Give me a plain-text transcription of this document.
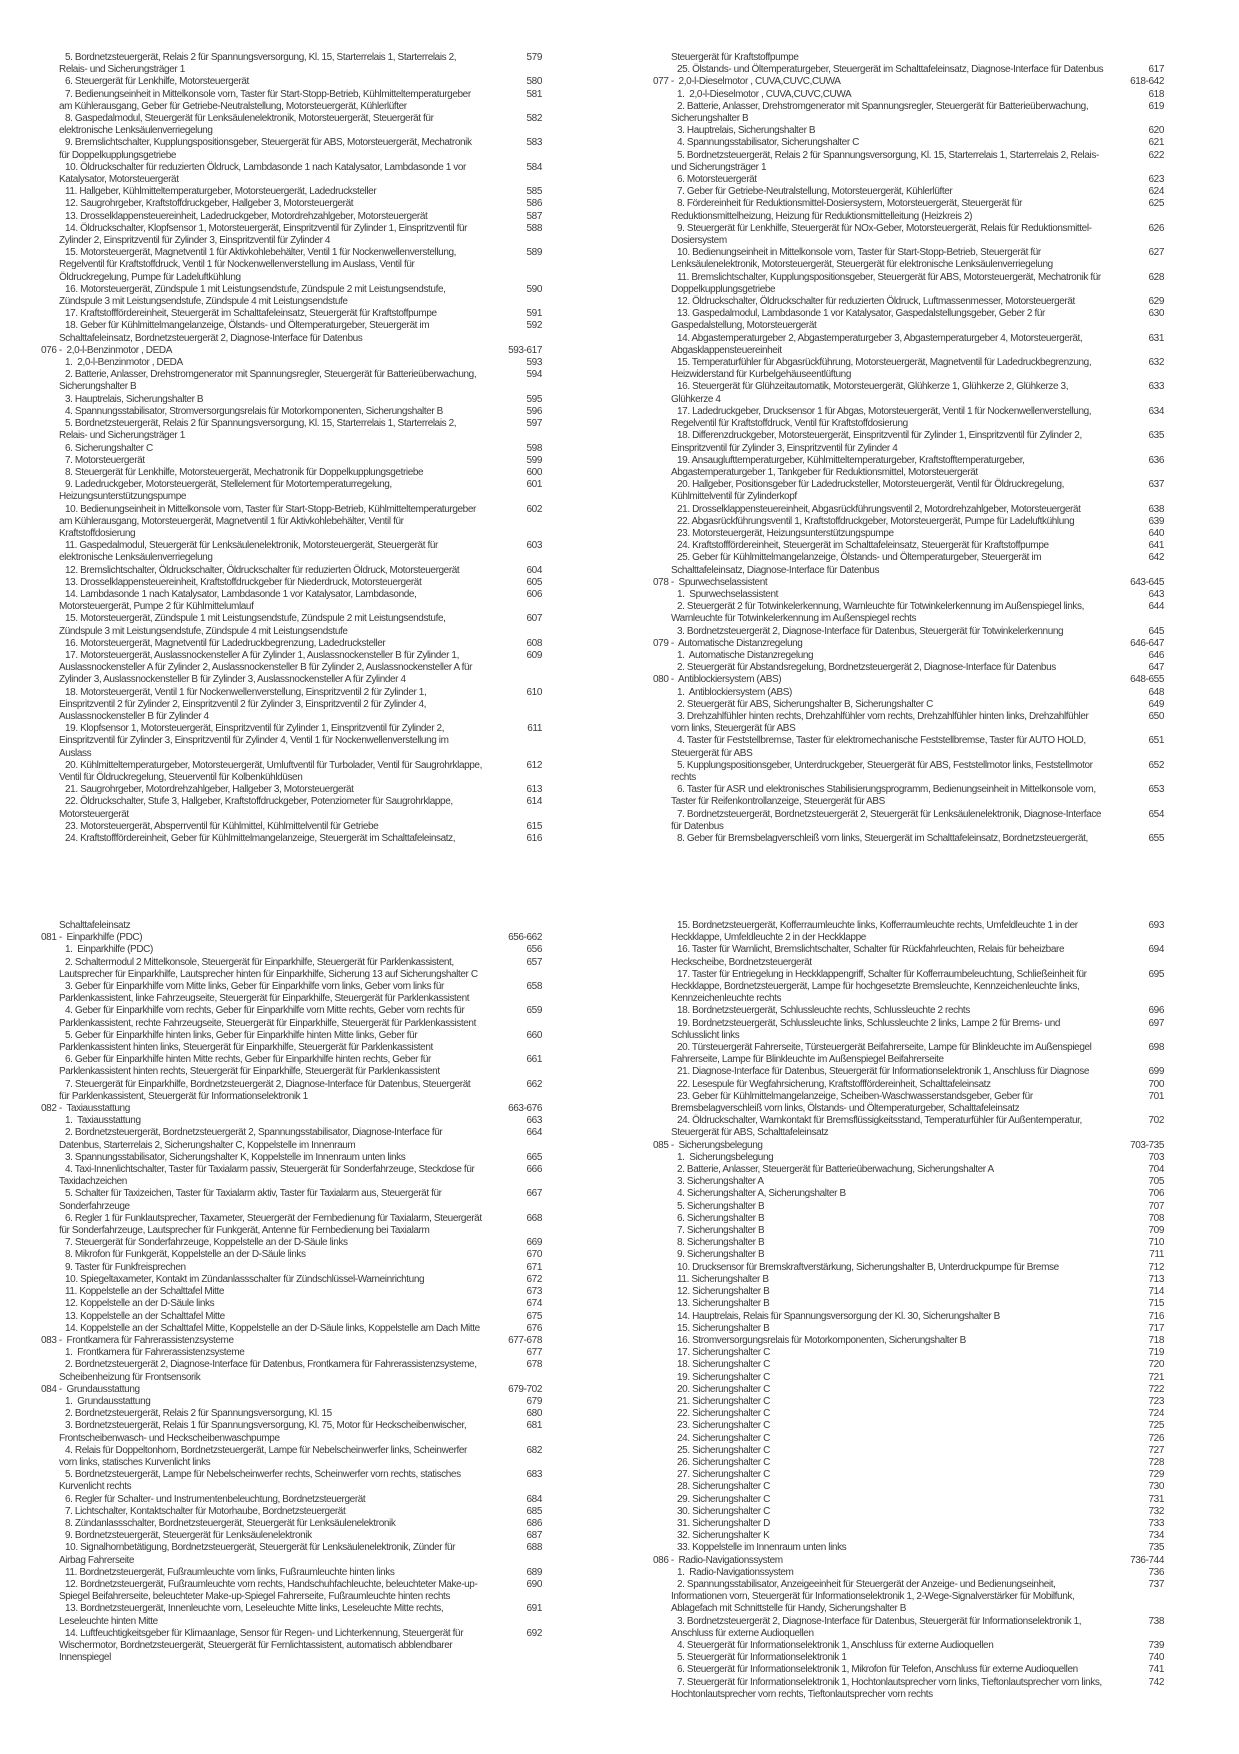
5. Bordnetzsteuergerät, Relais 2 für Spannungsversorgung, Kl. 15, Starterrelais 1, Starterrelais 2, Relais- und Sicherungsträger 1
579
6. Steuergerät für Lenkhilfe, Motorsteuergerät	580
7. Bedienungseinheit in Mittelkonsole vorn, Taster für Start-Stopp-Betrieb, Kühlmitteltemperaturgeber am Kühlerausgang, Geber für Getriebe-Neutralstellung, Motorsteuergerät, Kühlerlüfter
581
8. Gaspedalmodul, Steuergerät für Lenksäulenelektronik, Motorsteuergerät, Steuergerät für elektronische Lenksäulenverriegelung
582
9. Bremslichtschalter, Kupplungspositionsgeber, Steuergerät für ABS, Motorsteuergerät, Mechatronik für Doppelkupplungsgetriebe
583
10. Öldruckschalter für reduzierten Öldruck, Lambdasonde 1 nach Katalysator, Lambdasonde 1 vor Katalysator, Motorsteuergerät
584
11. Hallgeber, Kühlmitteltemperaturgeber, Motorsteuergerät, Ladedrucksteller	585
12. Saugrohrgeber, Kraftstoffdruckgeber, Hallgeber 3, Motorsteuergerät	586
13. Drosselklappensteuereinheit, Ladedruckgeber, Motordrehzahlgeber, Motorsteuergerät	587
14. Öldruckschalter, Klopfsensor 1, Motorsteuergerät, Einspritzventil für Zylinder 1, Einspritzventil für Zylinder 2, Einspritzventil für Zylinder 3, Einspritzventil für Zylinder 4
588
15. Motorsteuergerät, Magnetventil 1 für Aktivkohlebehälter, Ventil 1 für Nockenwellenverstellung, Regelventil für Kraftstoffdruck, Ventil 1 für Nockenwellenverstellung im Auslass, Ventil für Öldruckregelung, Pumpe für Ladeluftkühlung
589
16. Motorsteuergerät, Zündspule 1 mit Leistungsendstufe, Zündspule 2 mit Leistungsendstufe, Zündspule 3 mit Leistungsendstufe, Zündspule 4 mit Leistungsendstufe
590
17. Kraftstofffördereinheit, Steuergerät im Schalttafeleinsatz, Steuergerät für Kraftstoffpumpe	591
18. Geber für Kühlmittelmangelanzeige, Ölstands- und Öltemperaturgeber, Steuergerät im Schalttafeleinsatz, Bordnetzsteuergerät 2, Diagnose-Interface für Datenbus
592
076 -  2,0-l-Benzinmotor , DEDA	593-617
1.  2,0-l-Benzinmotor , DEDA	593
2. Batterie, Anlasser, Drehstromgenerator mit Spannungsregler, Steuergerät für Batterieüberwachung, Sicherungshalter B
594
3. Hauptrelais, Sicherungshalter B	595
4. Spannungsstabilisator, Stromversorgungsrelais für Motorkomponenten, Sicherungshalter B	596
5. Bordnetzsteuergerät, Relais 2 für Spannungsversorgung, Kl. 15, Starterrelais 1, Starterrelais 2, Relais- und Sicherungsträger 1
597
6. Sicherungshalter C	598
7. Motorsteuergerät	599
8. Steuergerät für Lenkhilfe, Motorsteuergerät, Mechatronik für Doppelkupplungsgetriebe	600
9. Ladedruckgeber, Motorsteuergerät, Stellelement für Motortemperaturregelung, Heizungsunterstützungspumpe
601
10. Bedienungseinheit in Mittelkonsole vorn, Taster für Start-Stopp-Betrieb, Kühlmitteltemperaturgeber am Kühlerausgang, Motorsteuergerät, Magnetventil 1 für Aktivkohlebehälter, Ventil für Kraftstoffdosierung
602
11. Gaspedalmodul, Steuergerät für Lenksäulenelektronik, Motorsteuergerät, Steuergerät für elektronische Lenksäulenverriegelung
603
12. Bremslichtschalter, Öldruckschalter, Öldruckschalter für reduzierten Öldruck, Motorsteuergerät	604
13. Drosselklappensteuereinheit, Kraftstoffdruckgeber für Niederdruck, Motorsteuergerät	605
14. Lambdasonde 1 nach Katalysator, Lambdasonde 1 vor Katalysator, Lambdasonde, Motorsteuergerät, Pumpe 2 für Kühlmittelumlauf
606
15. Motorsteuergerät, Zündspule 1 mit Leistungsendstufe, Zündspule 2 mit Leistungsendstufe, Zündspule 3 mit Leistungsendstufe, Zündspule 4 mit Leistungsendstufe
607
16. Motorsteuergerät, Magnetventil für Ladedruckbegrenzung, Ladedrucksteller	608
17. Motorsteuergerät, Auslassnockensteller A für Zylinder 1, Auslassnockensteller B für Zylinder 1, Auslassnockensteller A für Zylinder 2, Auslassnockensteller B für Zylinder 2, Auslassnockensteller A für Zylinder 3, Auslassnockensteller B für Zylinder 3, Auslassnockensteller A für Zylinder 4
609
18. Motorsteuergerät, Ventil 1 für Nockenwellenverstellung, Einspritzventil 2 für Zylinder 1, Einspritzventil 2 für Zylinder 2, Einspritzventil 2 für Zylinder 3, Einspritzventil 2 für Zylinder 4, Auslassnockensteller B für Zylinder 4
610
19. Klopfsensor 1, Motorsteuergerät, Einspritzventil für Zylinder 1, Einspritzventil für Zylinder 2, Einspritzventil für Zylinder 3, Einspritzventil für Zylinder 4, Ventil 1 für Nockenwellenverstellung im Auslass
611
20. Kühlmitteltemperaturgeber, Motorsteuergerät, Umluftventil für Turbolader, Ventil für Saugrohrklappe, Ventil für Öldruckregelung, Steuerventil für Kolbenkühldüsen
612
21. Saugrohrgeber, Motordrehzahlgeber, Hallgeber 3, Motorsteuergerät	613
22. Öldruckschalter, Stufe 3, Hallgeber, Kraftstoffdruckgeber, Potenziometer für Saugrohrklappe, Motorsteuergerät
614
23. Motorsteuergerät, Absperrventil für Kühlmittel, Kühlmittelventil für Getriebe	615
24. Kraftstofffördereinheit, Geber für Kühlmittelmangelanzeige, Steuergerät im Schalttafeleinsatz,	616
Steuergerät für Kraftstoffpumpe
25. Ölstands- und Öltemperaturgeber, Steuergerät im Schalttafeleinsatz, Diagnose-Interface für Datenbus	617
077 -  2,0-l-Dieselmotor , CUVA,CUVC,CUWA	618-642
1.  2,0-l-Dieselmotor , CUVA,CUVC,CUWA	618
2. Batterie, Anlasser, Drehstromgenerator mit Spannungsregler, Steuergerät für Batterieüberwachung, Sicherungshalter B
619
3. Hauptrelais, Sicherungshalter B	620
4. Spannungsstabilisator, Sicherungshalter C	621
5. Bordnetzsteuergerät, Relais 2 für Spannungsversorgung, Kl. 15, Starterrelais 1, Starterrelais 2, Relais- und Sicherungsträger 1
622
6. Motorsteuergerät	623
7. Geber für Getriebe-Neutralstellung, Motorsteuergerät, Kühlerlüfter	624
8. Fördereinheit für Reduktionsmittel-Dosiersystem, Motorsteuergerät, Steuergerät für Reduktionsmittelheizung, Heizung für Reduktionsmittelleitung (Heizkreis 2)
625
9. Steuergerät für Lenkhilfe, Steuergerät für NOx-Geber, Motorsteuergerät, Relais für Reduktionsmittel-Dosiersystem
626
10. Bedienungseinheit in Mittelkonsole vorn, Taster für Start-Stopp-Betrieb, Steuergerät für Lenksäulenelektronik, Motorsteuergerät, Steuergerät für elektronische Lenksäulenverriegelung
627
11. Bremslichtschalter, Kupplungspositionsgeber, Steuergerät für ABS, Motorsteuergerät, Mechatronik für Doppelkupplungsgetriebe
628
12. Öldruckschalter, Öldruckschalter für reduzierten Öldruck, Luftmassenmesser, Motorsteuergerät	629
13. Gaspedalmodul, Lambdasonde 1 vor Katalysator, Gaspedalstellungsgeber, Geber 2 für Gaspedalstellung, Motorsteuergerät
630
14. Abgastemperaturgeber 2, Abgastemperaturgeber 3, Abgastemperaturgeber 4, Motorsteuergerät, Abgasklappensteuereinheit
631
15. Temperaturfühler für Abgasrückführung, Motorsteuergerät, Magnetventil für Ladedruckbegrenzung, Heizwiderstand für Kurbelgehäuseentlüftung
632
16. Steuergerät für Glühzeitautomatik, Motorsteuergerät, Glühkerze 1, Glühkerze 2, Glühkerze 3, Glühkerze 4
633
17. Ladedruckgeber, Drucksensor 1 für Abgas, Motorsteuergerät, Ventil 1 für Nockenwellenverstellung, Regelventil für Kraftstoffdruck, Ventil für Kraftstoffdosierung
634
18. Differenzdruckgeber, Motorsteuergerät, Einspritzventil für Zylinder 1, Einspritzventil für Zylinder 2, Einspritzventil für Zylinder 3, Einspritzventil für Zylinder 4
635
19. Ansauglufttemperaturgeber, Kühlmitteltemperaturgeber, Kraftstofftemperaturgeber, Abgastemperaturgeber 1, Tankgeber für Reduktionsmittel, Motorsteuergerät
636
20. Hallgeber, Positionsgeber für Ladedrucksteller, Motorsteuergerät, Ventil für Öldruckregelung, Kühlmittelventil für Zylinderkopf
637
21. Drosselklappensteuereinheit, Abgasrückführungsventil 2, Motordrehzahlgeber, Motorsteuergerät	638
22. Abgasrückführungsventil 1, Kraftstoffdruckgeber, Motorsteuergerät, Pumpe für Ladeluftkühlung	639
23. Motorsteuergerät, Heizungsunterstützungspumpe	640
24. Kraftstofffördereinheit, Steuergerät im Schalttafeleinsatz, Steuergerät für Kraftstoffpumpe	641
25. Geber für Kühlmittelmangelanzeige, Ölstands- und Öltemperaturgeber, Steuergerät im Schalttafeleinsatz, Diagnose-Interface für Datenbus
642
078 -  Spurwechselassistent	643-645
1.  Spurwechselassistent	643
2. Steuergerät 2 für Totwinkelerkennung, Warnleuchte für Totwinkelerkennung im Außenspiegel links, Warnleuchte für Totwinkelerkennung im Außenspiegel rechts
644
3. Bordnetzsteuergerät 2, Diagnose-Interface für Datenbus, Steuergerät für Totwinkelerkennung	645
079 -  Automatische Distanzregelung	646-647
1.  Automatische Distanzregelung	646
2. Steuergerät für Abstandsregelung, Bordnetzsteuergerät 2, Diagnose-Interface für Datenbus	647
080 -  Antiblockiersystem (ABS)	648-655
1.  Antiblockiersystem (ABS)	648
2. Steuergerät für ABS, Sicherungshalter B, Sicherungshalter C	649
3. Drehzahlfühler hinten rechts, Drehzahlfühler vorn rechts, Drehzahlfühler hinten links, Drehzahlfühler vorn links, Steuergerät für ABS
650
4. Taster für Feststellbremse, Taster für elektromechanische Feststellbremse, Taster für AUTO HOLD, Steuergerät für ABS
651
5. Kupplungspositionsgeber, Unterdruckgeber, Steuergerät für ABS, Feststellmotor links, Feststellmotor rechts
652
6. Taster für ASR und elektronisches Stabilisierungsprogramm, Bedienungseinheit in Mittelkonsole vorn, Taster für Reifenkontrollanzeige, Steuergerät für ABS
653
7. Bordnetzsteuergerät, Bordnetzsteuergerät 2, Steuergerät für Lenksäulenelektronik, Diagnose-Interface für Datenbus
654
8. Geber für Bremsbelagverschleiß vorn links, Steuergerät im Schalttafeleinsatz, Bordnetzsteuergerät,	655
Schalttafeleinsatz
081 -  Einparkhilfe (PDC)	656-662
1.  Einparkhilfe (PDC)	656
2. Schaltermodul 2 Mittelkonsole, Steuergerät für Einparkhilfe, Steuergerät für Parklenkassistent, Lautsprecher für Einparkhilfe, Lautsprecher hinten für Einparkhilfe, Sicherung 13 auf Sicherungshalter C
657
3. Geber für Einparkhilfe vorn Mitte links, Geber für Einparkhilfe vorn links, Geber vorn links für Parklenkassistent, linke Fahrzeugseite, Steuergerät für Einparkhilfe, Steuergerät für Parklenkassistent
658
4. Geber für Einparkhilfe vorn rechts, Geber für Einparkhilfe vorn Mitte rechts, Geber vorn rechts für Parklenkassistent, rechte Fahrzeugseite, Steuergerät für Einparkhilfe, Steuergerät für Parklenkassistent
659
5. Geber für Einparkhilfe hinten links, Geber für Einparkhilfe hinten Mitte links, Geber für Parklenkassistent hinten links, Steuergerät für Einparkhilfe, Steuergerät für Parklenkassistent
660
6. Geber für Einparkhilfe hinten Mitte rechts, Geber für Einparkhilfe hinten rechts, Geber für Parklenkassistent hinten rechts, Steuergerät für Einparkhilfe, Steuergerät für Parklenkassistent
661
7. Steuergerät für Einparkhilfe, Bordnetzsteuergerät 2, Diagnose-Interface für Datenbus, Steuergerät für Parklenkassistent, Steuergerät für Informationselektronik 1
662
082 -  Taxiausstattung	663-676
1.  Taxiausstattung	663
2. Bordnetzsteuergerät, Bordnetzsteuergerät 2, Spannungsstabilisator, Diagnose-Interface für Datenbus, Starterrelais 2, Sicherungshalter C, Koppelstelle im Innenraum
664
3. Spannungsstabilisator, Sicherungshalter K, Koppelstelle im Innenraum unten links	665
4. Taxi-Innenlichtschalter, Taster für Taxialarm passiv, Steuergerät für Sonderfahrzeuge, Steckdose für Taxidachzeichen
666
5. Schalter für Taxizeichen, Taster für Taxialarm aktiv, Taster für Taxialarm aus, Steuergerät für Sonderfahrzeuge
667
6. Regler 1 für Funklautsprecher, Taxameter, Steuergerät der Fernbedienung für Taxialarm, Steuergerät für Sonderfahrzeuge, Lautsprecher für Funkgerät, Antenne für Fernbedienung bei Taxialarm
668
7. Steuergerät für Sonderfahrzeuge, Koppelstelle an der D-Säule links	669
8. Mikrofon für Funkgerät, Koppelstelle an der D-Säule links	670
9. Taster für Funkfreisprechen	671
10. Spiegeltaxameter, Kontakt im Zündanlassschalter für Zündschlüssel-Warneinrichtung	672
11. Koppelstelle an der Schalttafel Mitte	673
12. Koppelstelle an der D-Säule links	674
13. Koppelstelle an der Schalttafel Mitte	675
14. Koppelstelle an der Schalttafel Mitte, Koppelstelle an der D-Säule links, Koppelstelle am Dach Mitte	676
083 -  Frontkamera für Fahrerassistenzsysteme	677-678
1.  Frontkamera für Fahrerassistenzsysteme	677
2. Bordnetzsteuergerät 2, Diagnose-Interface für Datenbus, Frontkamera für Fahrerassistenzsysteme, Scheibenheizung für Frontsensorik
678
084 -  Grundausstattung	679-702
1.  Grundausstattung	679
2. Bordnetzsteuergerät, Relais 2 für Spannungsversorgung, Kl. 15	680
3. Bordnetzsteuergerät, Relais 1 für Spannungsversorgung, Kl. 75, Motor für Heckscheibenwischer, Frontscheibenwasch- und Heckscheibenwaschpumpe
681
4. Relais für Doppeltonhorn, Bordnetzsteuergerät, Lampe für Nebelscheinwerfer links, Scheinwerfer vorn links, statisches Kurvenlicht links
682
5. Bordnetzsteuergerät, Lampe für Nebelscheinwerfer rechts, Scheinwerfer vorn rechts, statisches Kurvenlicht rechts
683
6. Regler für Schalter- und Instrumentenbeleuchtung, Bordnetzsteuergerät	684
7. Lichtschalter, Kontaktschalter für Motorhaube, Bordnetzsteuergerät	685
8. Zündanlassschalter, Bordnetzsteuergerät, Steuergerät für Lenksäulenelektronik	686
9. Bordnetzsteuergerät, Steuergerät für Lenksäulenelektronik	687
10. Signalhornbetätigung, Bordnetzsteuergerät, Steuergerät für Lenksäulenelektronik, Zünder für Airbag Fahrerseite
688
11. Bordnetzsteuergerät, Fußraumleuchte vorn links, Fußraumleuchte hinten links	689
12. Bordnetzsteuergerät, Fußraumleuchte vorn rechts, Handschuhfachleuchte, beleuchteter Make-up-Spiegel Beifahrerseite, beleuchteter Make-up-Spiegel Fahrerseite, Fußraumleuchte hinten rechts
690
13. Bordnetzsteuergerät, Innenleuchte vorn, Leseleuchte Mitte links, Leseleuchte Mitte rechts, Leseleuchte hinten Mitte
691
14. Luftfeuchtigkeitsgeber für Klimaanlage, Sensor für Regen- und Lichterkennung, Steuergerät für Wischermotor, Bordnetzsteuergerät, Steuergerät für Fernlichtassistent, automatisch abblendbarer Innenspiegel
692
15. Bordnetzsteuergerät, Kofferraumleuchte links, Kofferraumleuchte rechts, Umfeldleuchte 1 in der Heckklappe, Umfeldleuchte 2 in der Heckklappe
693
16. Taster für Warnlicht, Bremslichtschalter, Schalter für Rückfahrleuchten, Relais für beheizbare Heckscheibe, Bordnetzsteuergerät
694
17. Taster für Entriegelung in Heckklappengriff, Schalter für Kofferraumbeleuchtung, Schließeinheit für Heckklappe, Bordnetzsteuergerät, Lampe für hochgesetzte Bremsleuchte, Kennzeichenleuchte links, Kennzeichenleuchte rechts
695
18. Bordnetzsteuergerät, Schlussleuchte rechts, Schlussleuchte 2 rechts	696
19. Bordnetzsteuergerät, Schlussleuchte links, Schlussleuchte 2 links, Lampe 2 für Brems- und Schlusslicht links
697
20. Türsteuergerät Fahrerseite, Türsteuergerät Beifahrerseite, Lampe für Blinkleuchte im Außenspiegel Fahrerseite, Lampe für Blinkleuchte im Außenspiegel Beifahrerseite
698
21. Diagnose-Interface für Datenbus, Steuergerät für Informationselektronik 1, Anschluss für Diagnose	699
22. Lesespule für Wegfahrsicherung, Kraftstofffördereinheit, Schalttafeleinsatz	700
23. Geber für Kühlmittelmangelanzeige, Scheiben-Waschwasserstandsgeber, Geber für Bremsbelagverschleiß vorn links, Ölstands- und Öltemperaturgeber, Schalttafeleinsatz
701
24. Öldruckschalter, Warnkontakt für Bremsflüssigkeitsstand, Temperaturfühler für Außentemperatur, Steuergerät für ABS, Schalttafeleinsatz
702
085 -  Sicherungsbelegung	703-735
1.  Sicherungsbelegung	703
2. Batterie, Anlasser, Steuergerät für Batterieüberwachung, Sicherungshalter A	704
3. Sicherungshalter A	705
4. Sicherungshalter A, Sicherungshalter B	706
5. Sicherungshalter B	707
6. Sicherungshalter B	708
7. Sicherungshalter B	709
8. Sicherungshalter B	710
9. Sicherungshalter B	711
10. Drucksensor für Bremskraftverstärkung, Sicherungshalter B, Unterdruckpumpe für Bremse	712
11. Sicherungshalter B	713
12. Sicherungshalter B	714
13. Sicherungshalter B	715
14. Hauptrelais, Relais für Spannungsversorgung der Kl. 30, Sicherungshalter B	716
15. Sicherungshalter B	717
16. Stromversorgungsrelais für Motorkomponenten, Sicherungshalter B	718
17. Sicherungshalter C	719
18. Sicherungshalter C	720
19. Sicherungshalter C	721
20. Sicherungshalter C	722
21. Sicherungshalter C	723
22. Sicherungshalter C	724
23. Sicherungshalter C	725
24. Sicherungshalter C	726
25. Sicherungshalter C	727
26. Sicherungshalter C	728
27. Sicherungshalter C	729
28. Sicherungshalter C	730
29. Sicherungshalter C	731
30. Sicherungshalter C	732
31. Sicherungshalter D	733
32. Sicherungshalter K	734
33. Koppelstelle im Innenraum unten links	735
086 -  Radio-Navigationssystem	736-744
1.  Radio-Navigationssystem	736
2. Spannungsstabilisator, Anzeigeeinheit für Steuergerät der Anzeige- und Bedienungseinheit, Informationen vorn, Steuergerät für Informationselektronik 1, 2-Wege-Signalverstärker für Mobilfunk, Ablagefach mit Schnittstelle für Handy, Sicherungshalter B
737
3. Bordnetzsteuergerät 2, Diagnose-Interface für Datenbus, Steuergerät für Informationselektronik 1, Anschluss für externe Audioquellen
738
4. Steuergerät für Informationselektronik 1, Anschluss für externe Audioquellen	739
5. Steuergerät für Informationselektronik 1	740
6. Steuergerät für Informationselektronik 1, Mikrofon für Telefon, Anschluss für externe Audioquellen	741
7. Steuergerät für Informationselektronik 1, Hochtonlautsprecher vorn links, Tieftonlautsprecher vorn links, Hochtonlautsprecher vorn rechts, Tieftonlautsprecher vorn rechts
742
